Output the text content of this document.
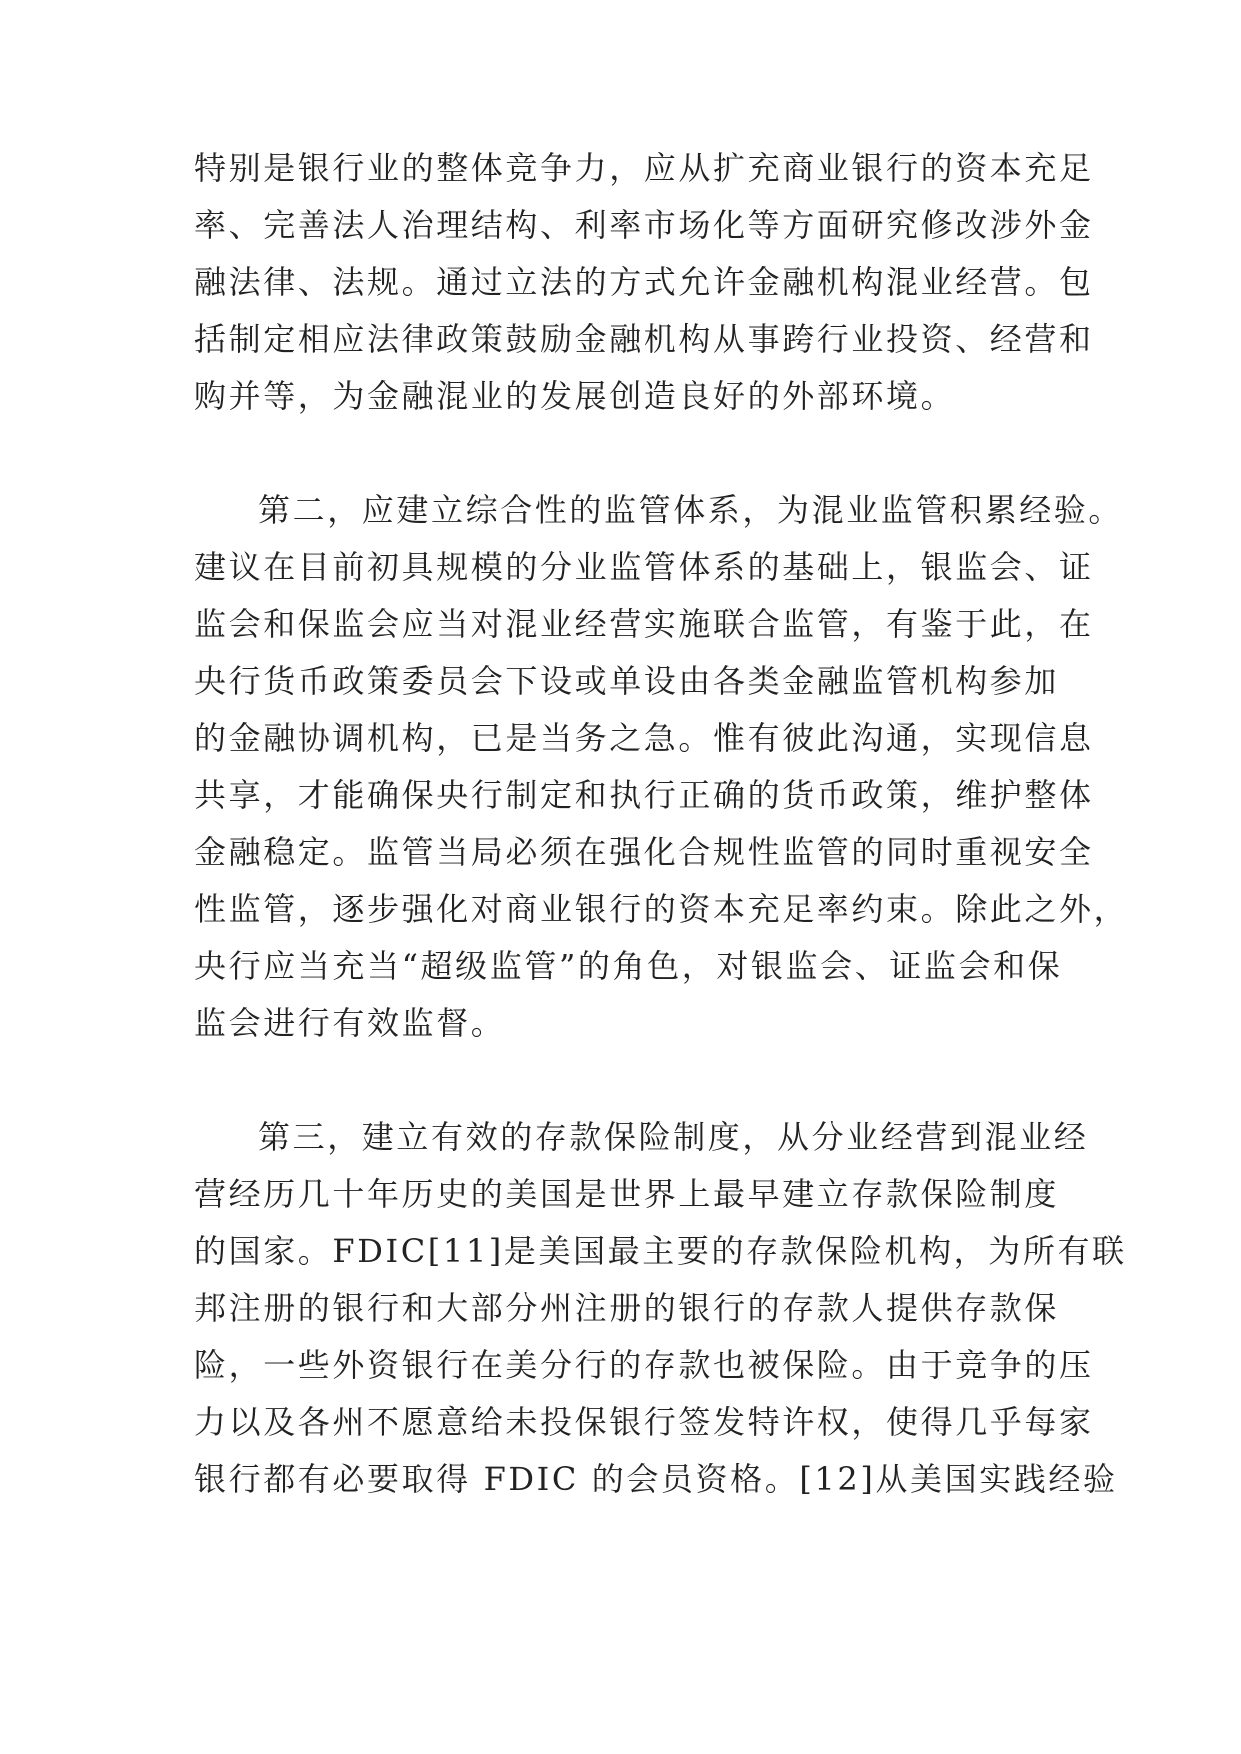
特别是银行业的整体竞争力，应从扩充商业银行的资本充足
率、完善法人治理结构、利率市场化等方面研究修改涉外金
融法律、法规。通过立法的方式允许金融机构混业经营。包
括制定相应法律政策鼓励金融机构从事跨行业投资、经营和
购并等，为金融混业的发展创造良好的外部环境。
第二，应建立综合性的监管体系，为混业监管积累经验。
建议在目前初具规模的分业监管体系的基础上，银监会、证
监会和保监会应当对混业经营实施联合监管，有鉴于此，在
央行货币政策委员会下设或单设由各类金融监管机构参加
的金融协调机构，已是当务之急。惟有彼此沟通，实现信息
共享，才能确保央行制定和执行正确的货币政策，维护整体
金融稳定。监管当局必须在强化合规性监管的同时重视安全
性监管，逐步强化对商业银行的资本充足率约束。除此之外，
央行应当充当“超级监管”的角色，对银监会、证监会和保
监会进行有效监督。
第三，建立有效的存款保险制度，从分业经营到混业经
营经历几十年历史的美国是世界上最早建立存款保险制度
的国家。FDIC[11]是美国最主要的存款保险机构，为所有联
邦注册的银行和大部分州注册的银行的存款人提供存款保
险，一些外资银行在美分行的存款也被保险。由于竞争的压
力以及各州不愿意给未投保银行签发特许权，使得几乎每家
银行都有必要取得 FDIC 的会员资格。[12]从美国实践经验
